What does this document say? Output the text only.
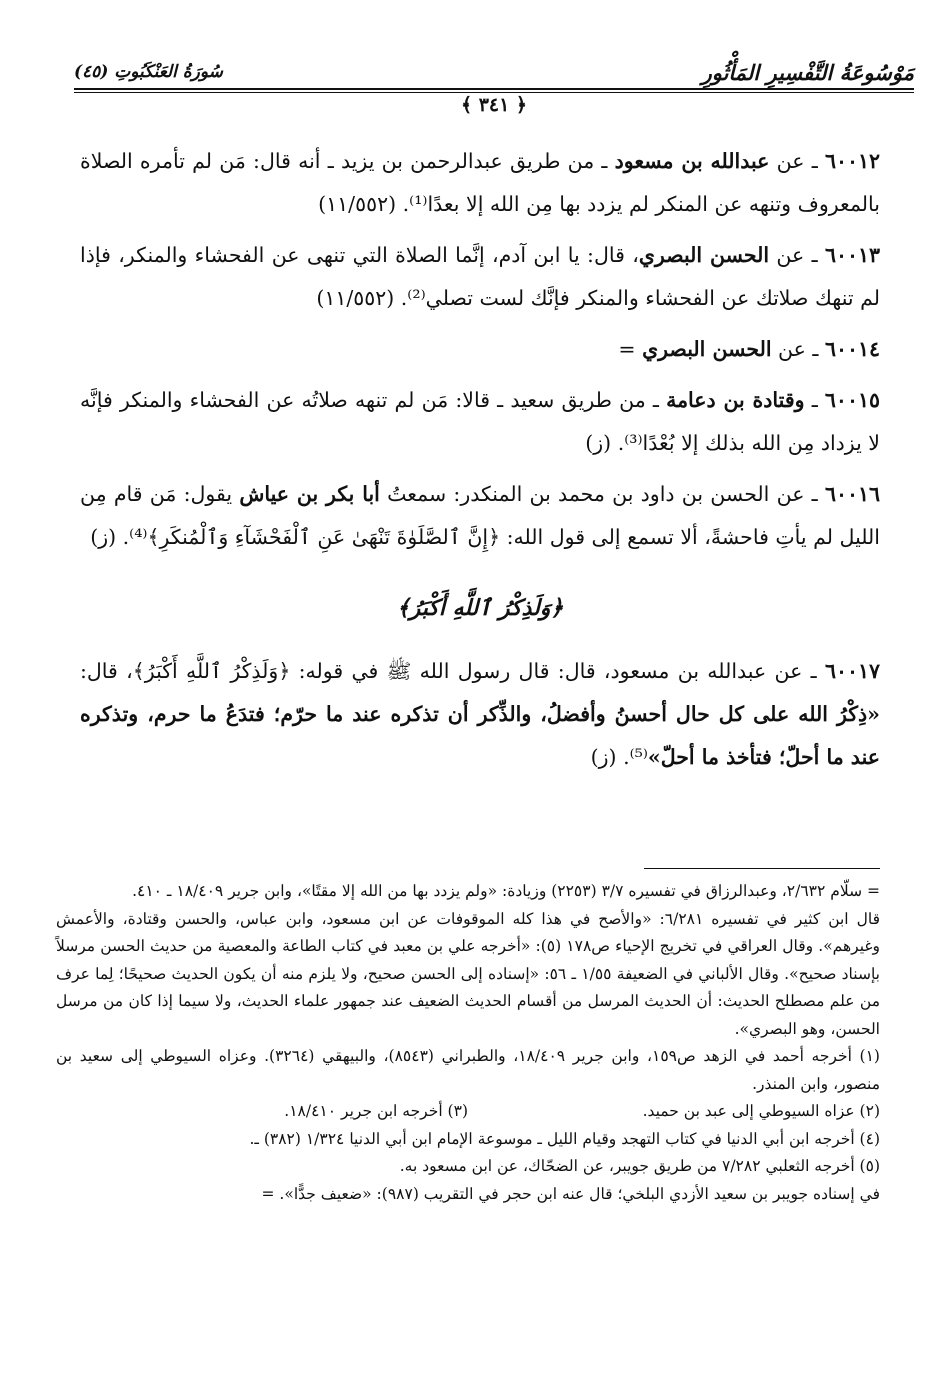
مَوْسُوعَةُ التَّفْسِيرِ المَأْثُورِ
سُورَةُ العَنْكَبُوتِ (٤٥)
﴿ ٣٤١ ﴾
٦٠٠١٢ ـ عن عبدالله بن مسعود ـ من طريق عبدالرحمن بن يزيد ـ أنه قال: مَن لم تأمره الصلاة بالمعروف وتنهه عن المنكر لم يزدد بها مِن الله إلا بعدًا⁽¹⁾. (١١/٥٥٢)
٦٠٠١٣ ـ عن الحسن البصري، قال: يا ابن آدم، إنَّما الصلاة التي تنهى عن الفحشاء والمنكر، فإذا لم تنهك صلاتك عن الفحشاء والمنكر فإنَّك لست تصلي⁽²⁾. (١١/٥٥٢)
٦٠٠١٤ ـ عن الحسن البصري =
٦٠٠١٥ ـ وقتادة بن دعامة ـ من طريق سعيد ـ قالا: مَن لم تنهه صلاتُه عن الفحشاء والمنكر فإنَّه لا يزداد مِن الله بذلك إلا بُعْدًا⁽³⁾. (ز)
٦٠٠١٦ ـ عن الحسن بن داود بن محمد بن المنكدر: سمعتُ أبا بكر بن عياش يقول: مَن قام مِن الليل لم يأتِ فاحشةً، ألا تسمع إلى قول الله: ﴿إِنَّ ٱلصَّلَوٰةَ تَنْهَىٰ عَنِ ٱلْفَحْشَآءِ وَٱلْمُنكَرِ﴾⁽⁴⁾. (ز)
﴿وَلَذِكْرُ ٱللَّهِ أَكْبَرُ﴾
٦٠٠١٧ ـ عن عبدالله بن مسعود، قال: قال رسول الله ﷺ في قوله: ﴿وَلَذِكْرُ ٱللَّهِ أَكْبَرُ﴾، قال: «ذِكْرُ الله على كل حال أحسنُ وأفضلُ، والذِّكر أن تذكره عند ما حرّم؛ فتدَعُ ما حرم، وتذكره عند ما أحلّ؛ فتأخذ ما أحلّ»⁽⁵⁾. (ز)

= سلّام ٢/٦٣٢، وعبدالرزاق في تفسيره ٣/٧ (٢٢٥٣) وزيادة: «ولم يزدد بها من الله إلا مقتًا»، وابن جرير ١٨/٤٠٩ ـ ٤١٠.

قال ابن كثير في تفسيره ٦/٢٨١: «والأصح في هذا كله الموقوفات عن ابن مسعود، وابن عباس، والحسن وقتادة، والأعمش وغيرهم». وقال العراقي في تخريج الإحياء ص١٧٨ (٥): «أخرجه علي بن معبد في كتاب الطاعة والمعصية من حديث الحسن مرسلاً بإسناد صحيح». وقال الألباني في الضعيفة ١/٥٥ ـ ٥٦: «إسناده إلى الحسن صحيح، ولا يلزم منه أن يكون الحديث صحيحًا؛ لِما عرف من علم مصطلح الحديث: أن الحديث المرسل من أقسام الحديث الضعيف عند جمهور علماء الحديث، ولا سيما إذا كان من مرسل الحسن، وهو البصري».

(١) أخرجه أحمد في الزهد ص١٥٩، وابن جرير ١٨/٤٠٩، والطبراني (٨٥٤٣)، والبيهقي (٣٢٦٤). وعزاه السيوطي إلى سعيد بن منصور، وابن المنذر.

(٢) عزاه السيوطي إلى عبد بن حميد.
(٣) أخرجه ابن جرير ١٨/٤١٠.

(٤) أخرجه ابن أبي الدنيا في كتاب التهجد وقيام الليل ـ موسوعة الإمام ابن أبي الدنيا ١/٣٢٤ (٣٨٢) ـ.

(٥) أخرجه الثعلبي ٧/٢٨٢ من طريق جويبر، عن الضحّاك، عن ابن مسعود به.

في إسناده جويبر بن سعيد الأزدي البلخي؛ قال عنه ابن حجر في التقريب (٩٨٧): «ضعيف جدًّا». =
